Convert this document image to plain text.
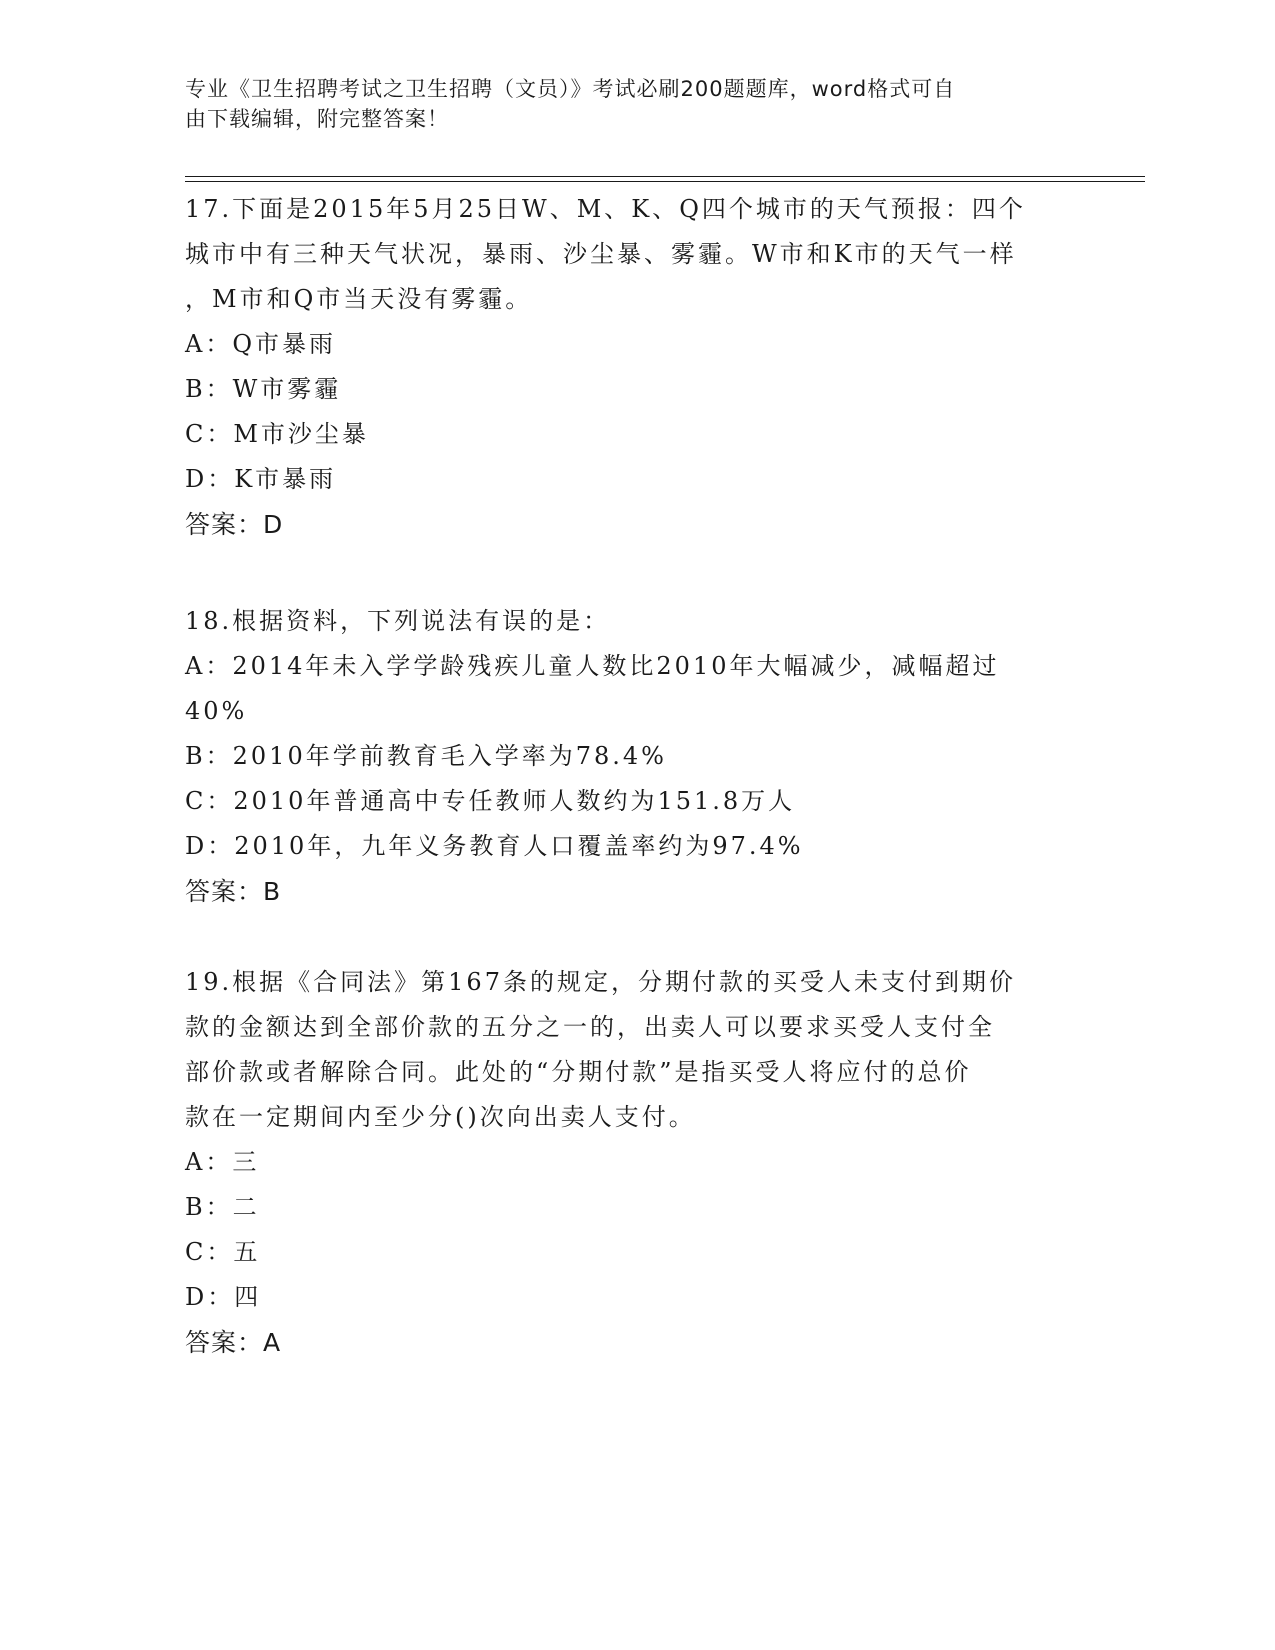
专业《卫生招聘考试之卫生招聘（文员）》考试必刷200题题库，word格式可自
由下载编辑，附完整答案！
17.下面是2015年5月25日W、M、K、Q四个城市的天气预报：四个
城市中有三种天气状况，暴雨、沙尘暴、雾霾。W市和K市的天气一样
，M市和Q市当天没有雾霾。
A：Q市暴雨
B：W市雾霾
C：M市沙尘暴
D：K市暴雨
答案：D
18.根据资料，下列说法有误的是：
A：2014年未入学学龄残疾儿童人数比2010年大幅减少，减幅超过
40%
B：2010年学前教育毛入学率为78.4%
C：2010年普通高中专任教师人数约为151.8万人
D：2010年，九年义务教育人口覆盖率约为97.4%
答案：B
19.根据《合同法》第167条的规定，分期付款的买受人未支付到期价
款的金额达到全部价款的五分之一的，出卖人可以要求买受人支付全
部价款或者解除合同。此处的“分期付款”是指买受人将应付的总价
款在一定期间内至少分()次向出卖人支付。
A：三
B：二
C：五
D：四
答案：A
